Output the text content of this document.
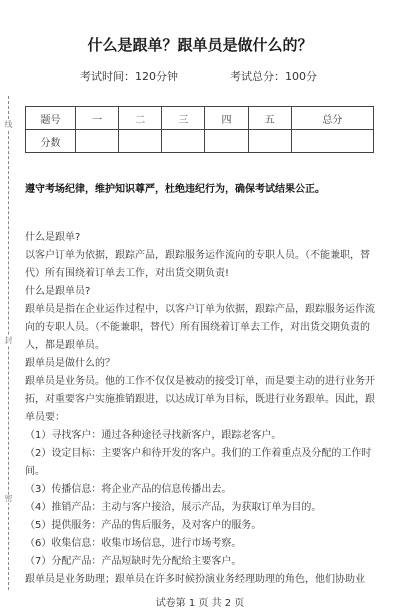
线
封
密
什么是跟单？跟单员是做什么的？
考试时间：120分钟	考试总分：100分
题号	一	二	三	四	五	总分
分数						
遵守考场纪律，维护知识尊严，杜绝违纪行为，确保考试结果公正。

什么是跟单?

以客户订单为依据，跟踪产品，跟踪服务运作流向的专职人员。（不能兼职，替代）所有围绕着订单去工作，对出货交期负责!

什么是跟单员?

跟单员是指在企业运作过程中，以客户订单为依据，跟踪产品，跟踪服务运作流向的专职人员。（不能兼职，替代）所有围绕着订单去工作，对出货交期负责的人，都是跟单员。

跟单员是做什么的？

跟单员是业务员。他的工作不仅仅是被动的接受订单，而是要主动的进行业务开拓，对重要客户实施推销跟进，以达成订单为目标，既进行业务跟单。因此，跟单员要：

（1）寻找客户：通过各种途径寻找新客户，跟踪老客户。

（2）设定目标：主要客户和待开发的客户。我们的工作着重点及分配的工作时间。

（3）传播信息：将企业产品的信息传播出去。

（4）推销产品：主动与客户接洽，展示产品，为获取订单为目的。

（5）提供服务：产品的售后服务，及对客户的服务。

（6）收集信息：收集市场信息，进行市场考察。

（7）分配产品：产品短缺时先分配给主要客户。

跟单员是业务助理；跟单员在许多时候扮演业务经理助理的角色，他们协助业

试卷第 1 页 共 2 页
